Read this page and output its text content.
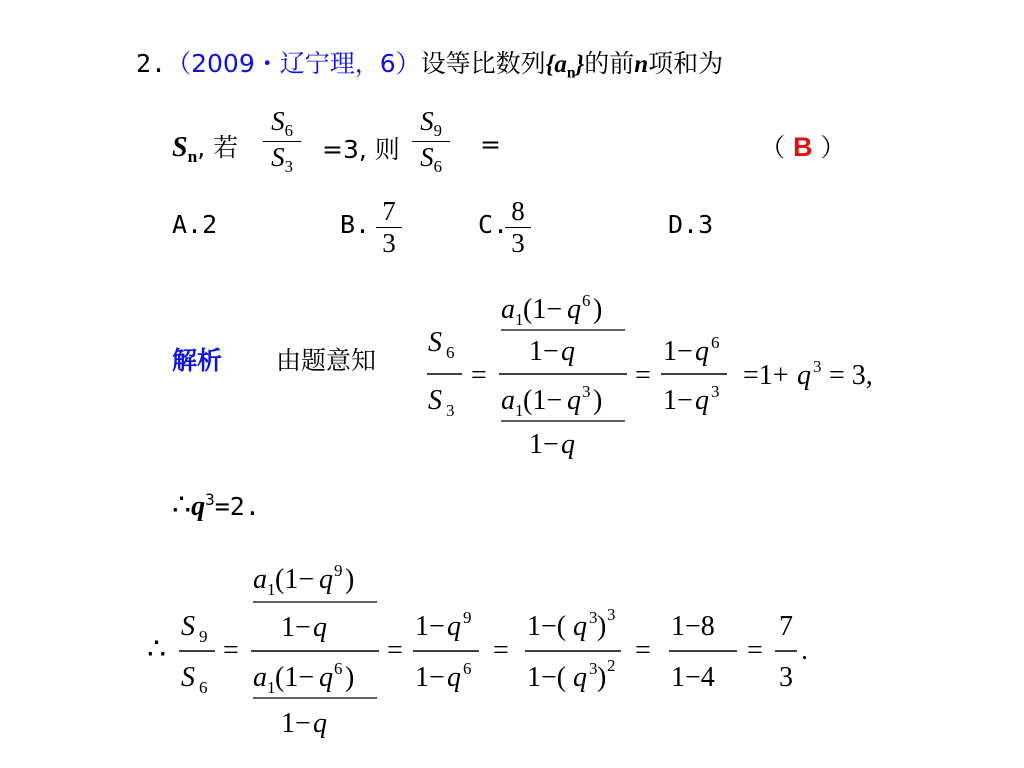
2.（2009・辽宁理，6）设等比数列$\{a_n\}$的前n项和为
$S_n$, 若
$S_6$
$S_3$
=3, 则
$S_9$
$S_6$
=	（ B ）
A.2	B. 7
3
C. 8
3
D.3
解析 由题意知
S 6
S 3
=
a 1 (1− q 6 )
1− q
a 1 (1− q 3 )
1− q
=
1− q 6
1− q 3
=1+ q 3 = 3,
$\therefore q^3=2$.
∴
S 9
S 6
=
a 1 (1− q 9 )
1− q
a 1 (1− q 6 )
1− q
=
1− q 9
1− q 6
=
1−( q 3 ) 3
1−( q 3 ) 2 =
1−8
1−4
=
7
3
.
